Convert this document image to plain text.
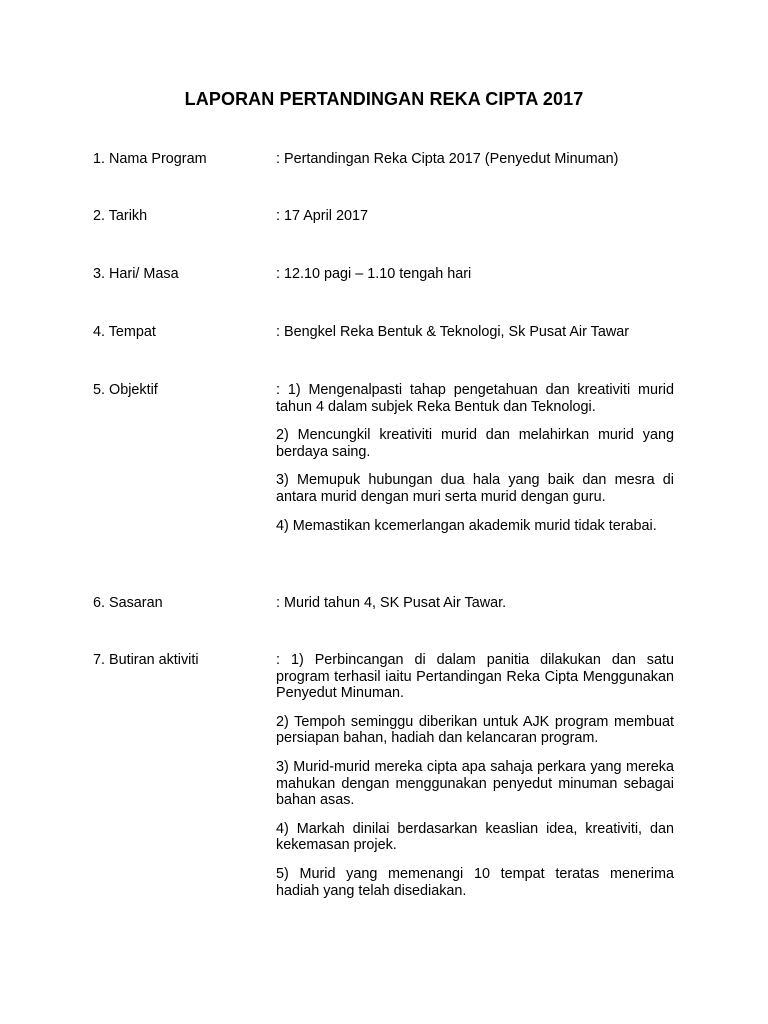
LAPORAN PERTANDINGAN REKA CIPTA 2017
1. Nama Program	: Pertandingan Reka Cipta 2017 (Penyedut Minuman)
2. Tarikh	: 17 April 2017
3. Hari/ Masa	: 12.10 pagi – 1.10 tengah hari
4. Tempat	: Bengkel Reka Bentuk & Teknologi, Sk Pusat Air Tawar
5. Objektif	: 1) Mengenalpasti tahap pengetahuan dan kreativiti murid tahun 4 dalam subjek Reka Bentuk dan Teknologi.

2) Mencungkil kreativiti murid dan melahirkan murid yang berdaya saing.

3) Memupuk hubungan dua hala yang baik dan mesra di antara murid dengan muri serta murid dengan guru.

4) Memastikan kcemerlangan akademik murid tidak terabai.

6. Sasaran	: Murid tahun 4, SK Pusat Air Tawar.
7. Butiran aktiviti	: 1) Perbincangan di dalam panitia dilakukan dan satu program terhasil iaitu Pertandingan Reka Cipta Menggunakan Penyedut Minuman.

2) Tempoh seminggu diberikan untuk AJK program membuat persiapan bahan, hadiah dan kelancaran program.

3) Murid-murid mereka cipta apa sahaja perkara yang mereka mahukan dengan menggunakan penyedut minuman sebagai bahan asas.

4) Markah dinilai berdasarkan keaslian idea, kreativiti, dan kekemasan projek.

5) Murid yang memenangi 10 tempat teratas menerima hadiah yang telah disediakan.
